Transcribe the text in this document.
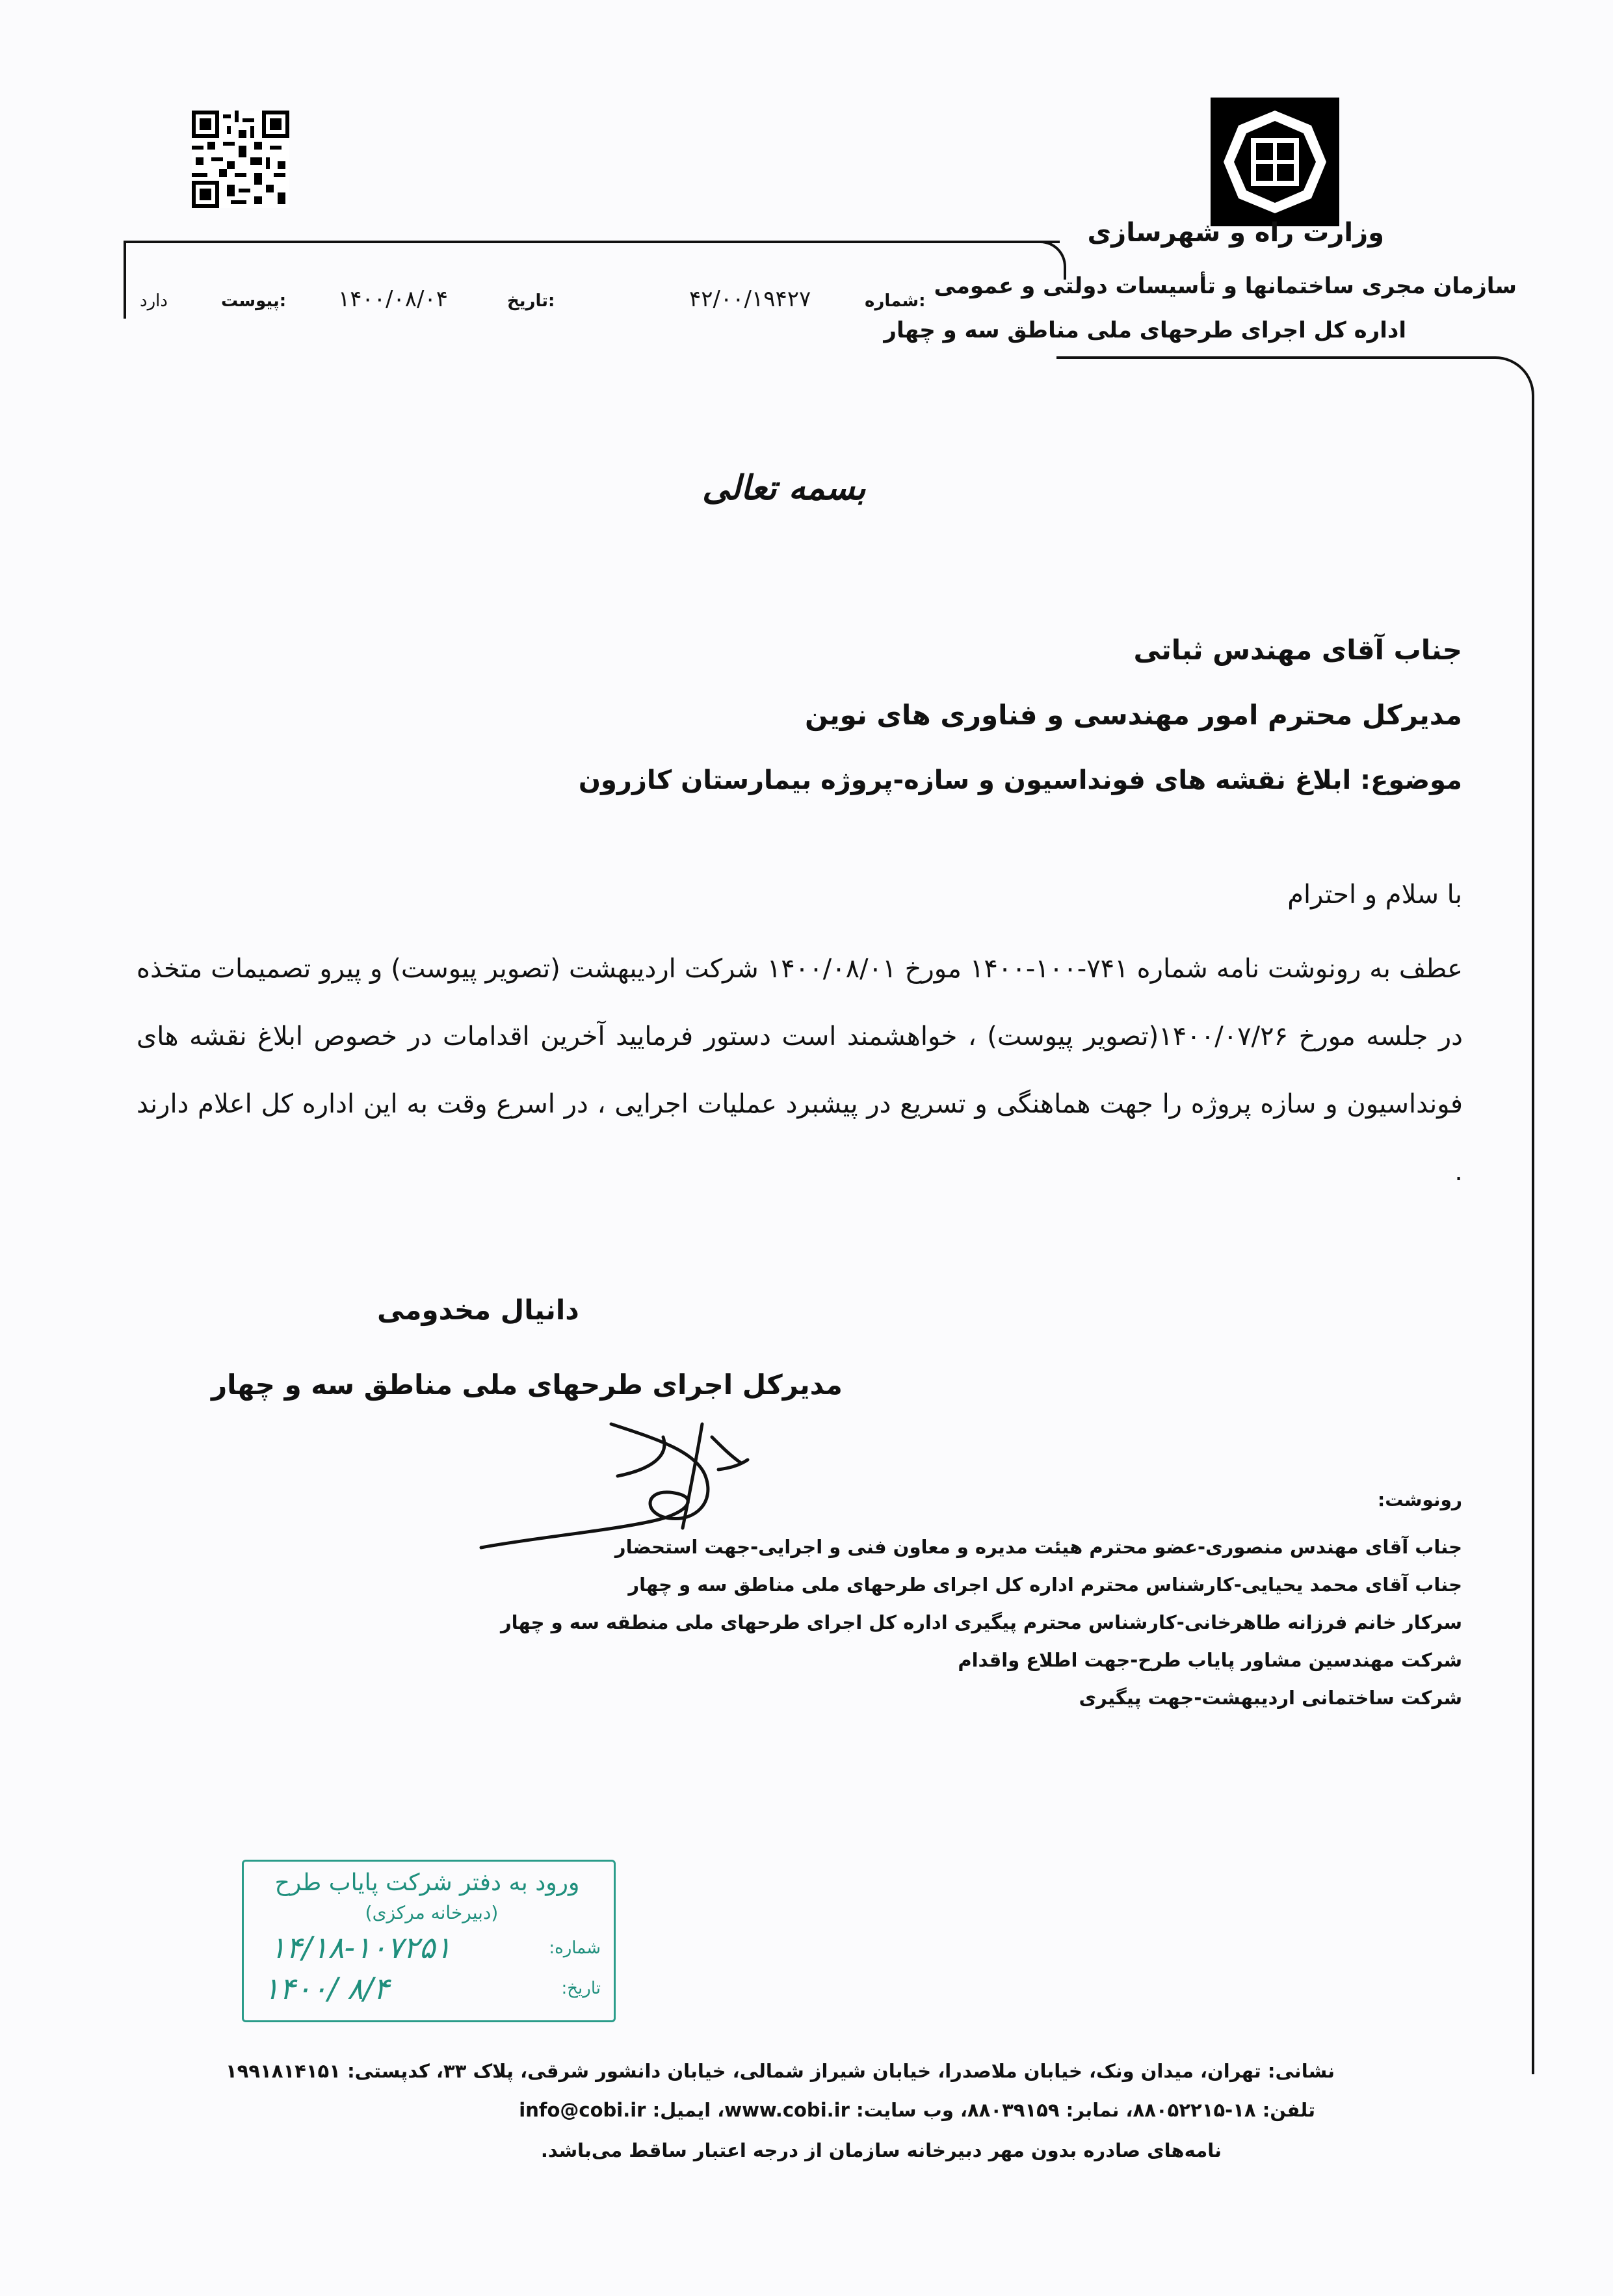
وزارت راه و شهرسازی
سازمان مجری ساختمانها و تأسیسات دولتی و عمومی
اداره کل اجرای طرحهای ملی مناطق سه و چهار
شماره:
۴۲/۰۰/۱۹۴۲۷
تاریخ:
۱۴۰۰/۰۸/۰۴
پیوست:
دارد
بسمه تعالی
جناب آقای مهندس ثباتی
مدیرکل محترم امور مهندسی و فناوری های نوین
موضوع: ابلاغ نقشه های فونداسیون و سازه-پروژه بیمارستان کازرون
با سلام و احترام
عطف به رونوشت نامه شماره ۷۴۱-۱۰۰-۱۴۰۰ مورخ ۱۴۰۰/۰۸/۰۱ شرکت اردیبهشت (تصویر پیوست) و پیرو تصمیمات متخذه در جلسه مورخ ۱۴۰۰/۰۷/۲۶(تصویر پیوست) ، خواهشمند است دستور فرمایید آخرین اقدامات در خصوص ابلاغ نقشه های فونداسیون و سازه پروژه را جهت هماهنگی و تسریع در پیشبرد عملیات اجرایی ، در اسرع وقت به این اداره کل اعلام دارند .
دانیال مخدومی
مدیرکل اجرای طرحهای ملی مناطق سه و چهار
رونوشت:
جناب آقای مهندس منصوری-عضو محترم هیئت مدیره و معاون فنی و اجرایی-جهت استحضار
جناب آقای محمد یحیایی-کارشناس محترم اداره کل اجرای طرحهای ملی مناطق سه و چهار
سرکار خانم فرزانه طاهرخانی-کارشناس محترم پیگیری اداره کل اجرای طرحهای ملی منطقه سه و چهار
شرکت مهندسین مشاور پایاب طرح-جهت اطلاع واقدام
شرکت ساختمانی اردیبهشت-جهت پیگیری
ورود به دفتر شرکت پایاب طرح
(دبیرخانه مرکزی)
شماره:
۱۴/۱۸-۱۰۷۲۵۱
تاریخ:
۱۴۰۰/ ۸/۴
نشانی: تهران، میدان ونک، خیابان ملاصدرا، خیابان شیراز شمالی، خیابان دانشور شرقی، پلاک ۳۳، کدپستی: ۱۹۹۱۸۱۴۱۵۱
تلفن: ۱۸-۸۸۰۵۲۲۱۵، نمابر: ۸۸۰۳۹۱۵۹، وب سایت: www.cobi.ir، ایمیل: info@cobi.ir
نامه‌های صادره بدون مهر دبیرخانه سازمان از درجه اعتبار ساقط می‌باشد.
